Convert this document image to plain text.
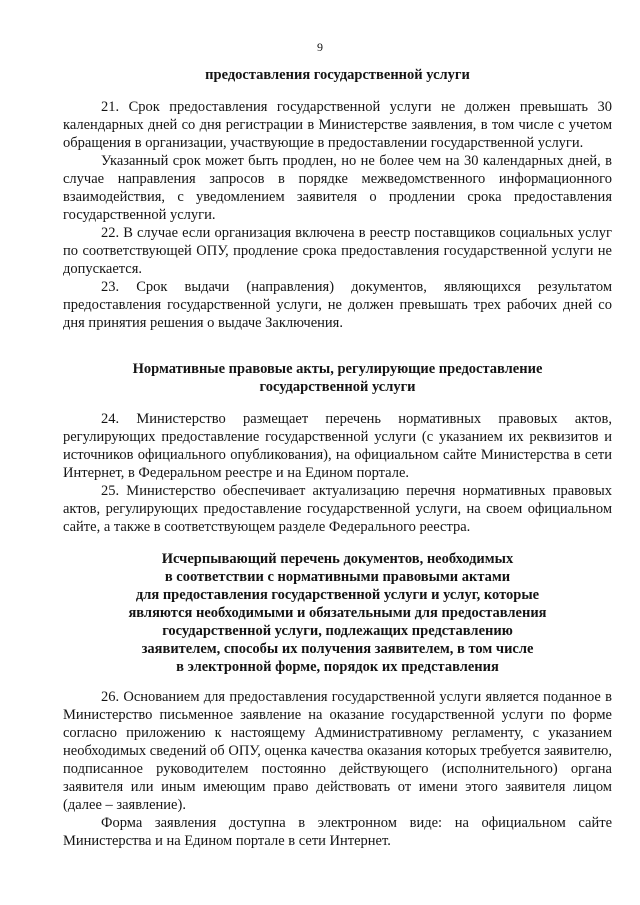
9

предоставления государственной услуги

21. Срок предоставления государственной услуги не должен превышать 30 календарных дней со дня регистрации в Министерстве заявления, в том числе с учетом обращения в организации, участвующие в предоставлении государственной услуги.

Указанный срок может быть продлен, но не более чем на 30 календарных дней, в случае направления запросов в порядке межведомственного информационного взаимодействия, с уведомлением заявителя о продлении срока предоставления государственной услуги.

22. В случае если организация включена в реестр поставщиков социальных услуг по соответствующей ОПУ, продление срока предоставления государственной услуги не допускается.

23. Срок выдачи (направления) документов, являющихся результатом предоставления государственной услуги, не должен превышать трех рабочих дней со дня принятия решения о выдаче Заключения.

Нормативные правовые акты, регулирующие предоставление

государственной услуги

24. Министерство размещает перечень нормативных правовых актов, регулирующих предоставление государственной услуги (с указанием их реквизитов и источников официального опубликования), на официальном сайте Министерства в сети Интернет, в Федеральном реестре и на Едином портале.

25. Министерство обеспечивает актуализацию перечня нормативных правовых актов, регулирующих предоставление государственной услуги, на своем официальном сайте, а также в соответствующем разделе Федерального реестра.

Исчерпывающий перечень документов, необходимых

в соответствии с нормативными правовыми актами

для предоставления государственной услуги и услуг, которые

являются необходимыми и обязательными для предоставления

государственной услуги, подлежащих представлению

заявителем, способы их получения заявителем, в том числе

в электронной форме, порядок их представления

26. Основанием для предоставления государственной услуги является поданное в Министерство письменное заявление на оказание государственной услуги по форме согласно приложению к настоящему Административному регламенту, с указанием необходимых сведений об ОПУ, оценка качества оказания которых требуется заявителю, подписанное руководителем постоянно действующего (исполнительного) органа заявителя или иным имеющим право действовать от имени этого заявителя лицом (далее – заявление).

Форма заявления доступна в электронном виде: на официальном сайте Министерства и на Едином портале в сети Интернет.
